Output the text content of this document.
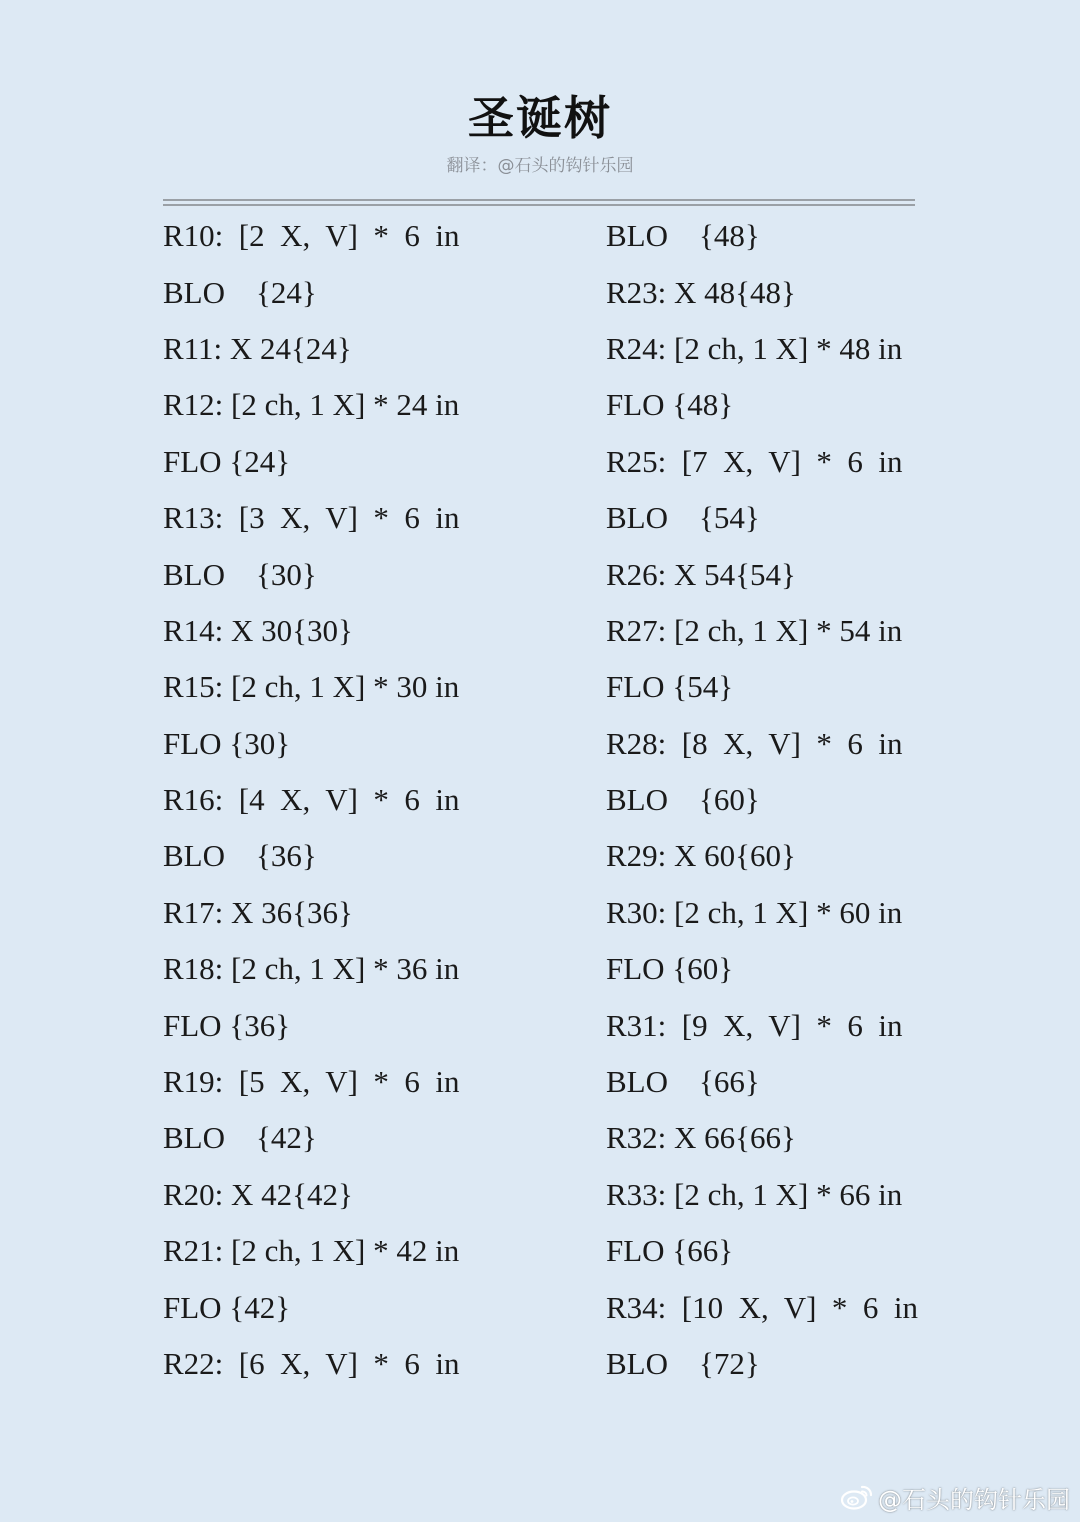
圣诞树
翻译：@石头的钩针乐园
R10:  [2  X,  V]  *  6  in
BLO    {24}
R11: X 24{24}
R12: [2 ch, 1 X] * 24 in
FLO {24}
R13:  [3  X,  V]  *  6  in
BLO    {30}
R14: X 30{30}
R15: [2 ch, 1 X] * 30 in
FLO {30}
R16:  [4  X,  V]  *  6  in
BLO    {36}
R17: X 36{36}
R18: [2 ch, 1 X] * 36 in
FLO {36}
R19:  [5  X,  V]  *  6  in
BLO    {42}
R20: X 42{42}
R21: [2 ch, 1 X] * 42 in
FLO {42}
R22:  [6  X,  V]  *  6  in
BLO    {48}
R23: X 48{48}
R24: [2 ch, 1 X] * 48 in
FLO {48}
R25:  [7  X,  V]  *  6  in
BLO    {54}
R26: X 54{54}
R27: [2 ch, 1 X] * 54 in
FLO {54}
R28:  [8  X,  V]  *  6  in
BLO    {60}
R29: X 60{60}
R30: [2 ch, 1 X] * 60 in
FLO {60}
R31:  [9  X,  V]  *  6  in
BLO    {66}
R32: X 66{66}
R33: [2 ch, 1 X] * 66 in
FLO {66}
R34:  [10  X,  V]  *  6  in
BLO    {72}
@石头的钩针乐园
